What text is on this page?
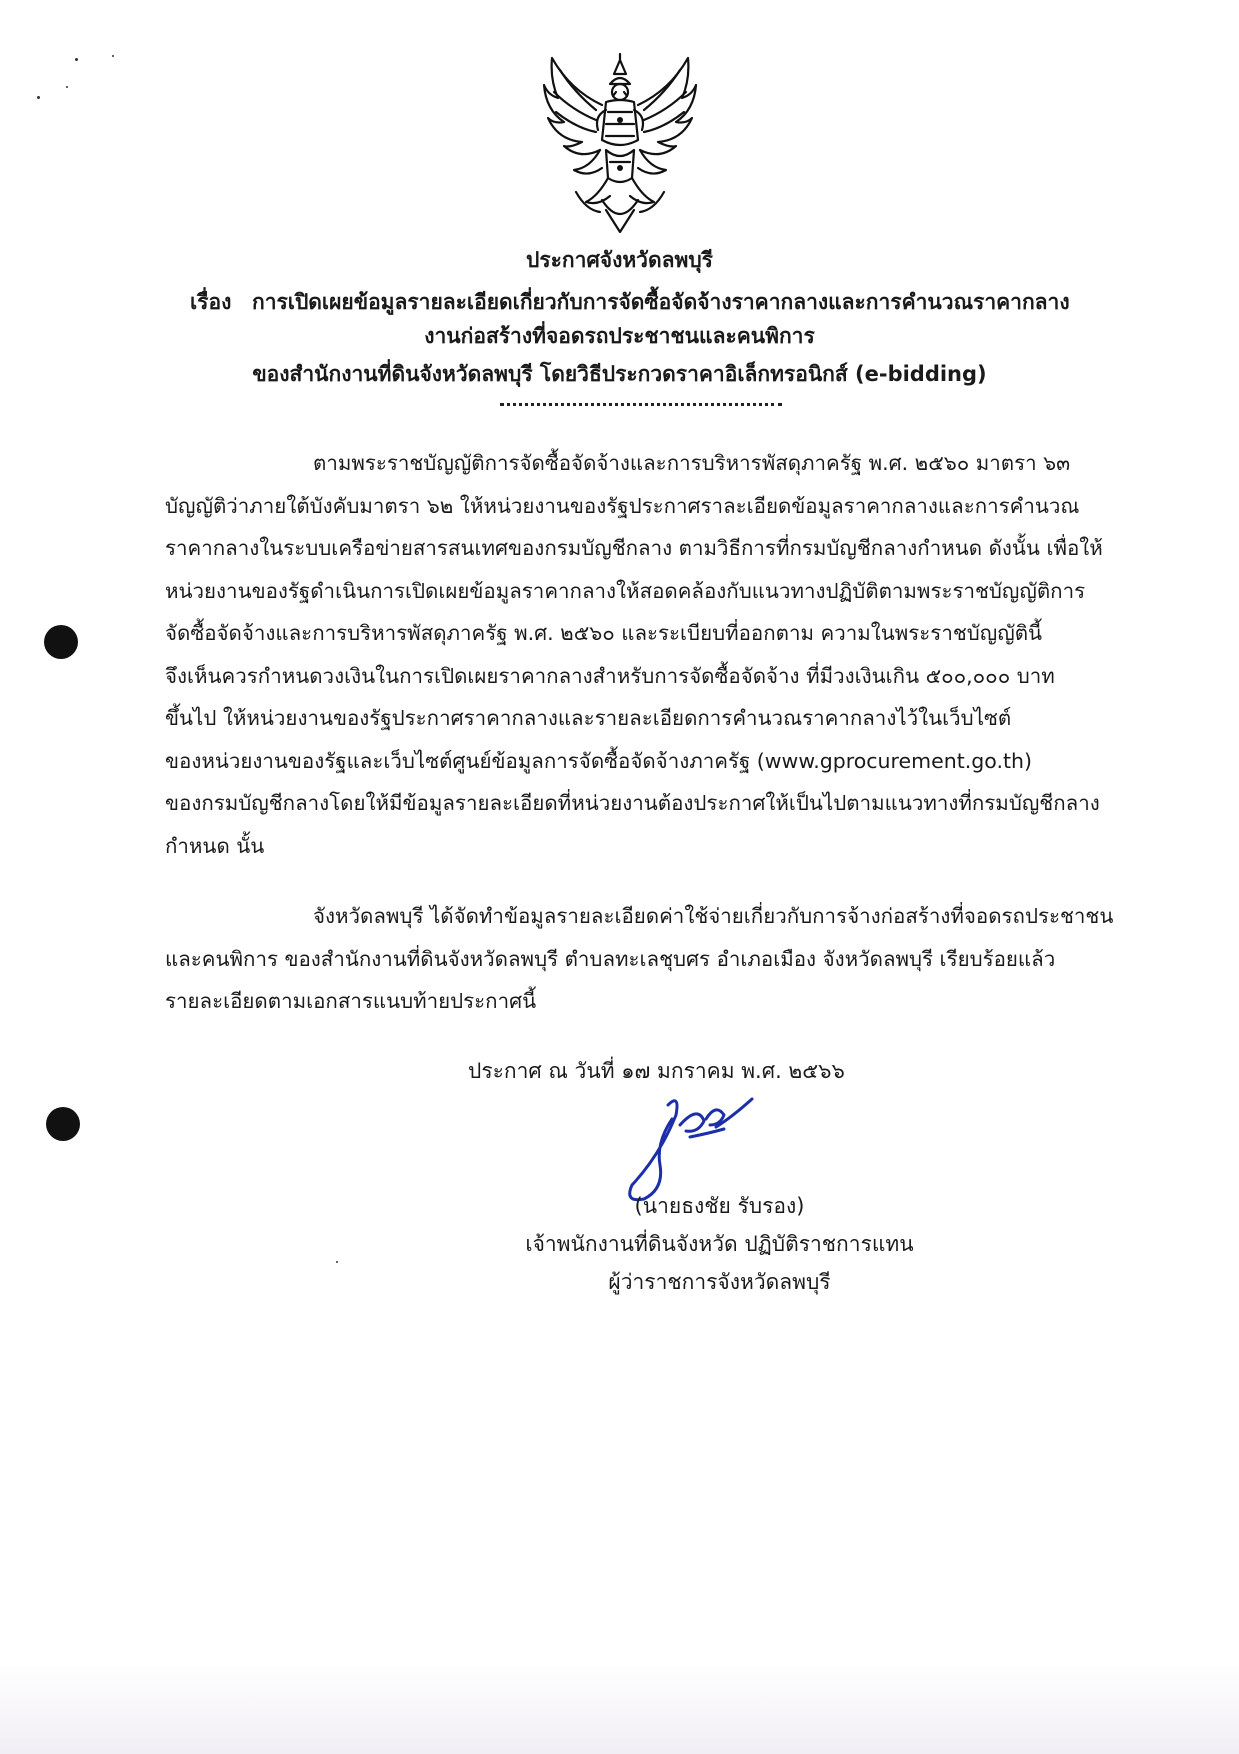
ประกาศจังหวัดลพบุรี
เรื่อง การเปิดเผยข้อมูลรายละเอียดเกี่ยวกับการจัดซื้อจัดจ้างราคากลางและการคำนวณราคากลาง
งานก่อสร้างที่จอดรถประชาชนและคนพิการ
ของสำนักงานที่ดินจังหวัดลพบุรี โดยวิธีประกวดราคาอิเล็กทรอนิกส์ (e-bidding)

ตามพระราชบัญญัติการจัดซื้อจัดจ้างและการบริหารพัสดุภาครัฐ พ.ศ. ๒๕๖๐ มาตรา ๖๓

บัญญัติว่าภายใต้บังคับมาตรา ๖๒ ให้หน่วยงานของรัฐประกาศราละเอียดข้อมูลราคากลางและการคำนวณ

ราคากลางในระบบเครือข่ายสารสนเทศของกรมบัญชีกลาง ตามวิธีการที่กรมบัญชีกลางกำหนด ดังนั้น เพื่อให้

หน่วยงานของรัฐดำเนินการเปิดเผยข้อมูลราคากลางให้สอดคล้องกับแนวทางปฏิบัติตามพระราชบัญญัติการ

จัดซื้อจัดจ้างและการบริหารพัสดุภาครัฐ พ.ศ. ๒๕๖๐ และระเบียบที่ออกตาม ความในพระราชบัญญัตินี้

จึงเห็นควรกำหนดวงเงินในการเปิดเผยราคากลางสำหรับการจัดซื้อจัดจ้าง ที่มีวงเงินเกิน ๕๐๐,๐๐๐ บาท

ขึ้นไป ให้หน่วยงานของรัฐประกาศราคากลางและรายละเอียดการคำนวณราคากลางไว้ในเว็บไซต์

ของหน่วยงานของรัฐและเว็บไซต์ศูนย์ข้อมูลการจัดซื้อจัดจ้างภาครัฐ (www.gprocurement.go.th)

ของกรมบัญชีกลางโดยให้มีข้อมูลรายละเอียดที่หน่วยงานต้องประกาศให้เป็นไปตามแนวทางที่กรมบัญชีกลาง

กำหนด นั้น

จังหวัดลพบุรี ได้จัดทำข้อมูลรายละเอียดค่าใช้จ่ายเกี่ยวกับการจ้างก่อสร้างที่จอดรถประชาชน

และคนพิการ ของสำนักงานที่ดินจังหวัดลพบุรี ตำบลทะเลชุบศร อำเภอเมือง จังหวัดลพบุรี เรียบร้อยแล้ว

รายละเอียดตามเอกสารแนบท้ายประกาศนี้

ประกาศ ณ วันที่ ๑๗ มกราคม พ.ศ. ๒๕๖๖
(นายธงชัย รับรอง)
เจ้าพนักงานที่ดินจังหวัด ปฏิบัติราชการแทน
ผู้ว่าราชการจังหวัดลพบุรี
